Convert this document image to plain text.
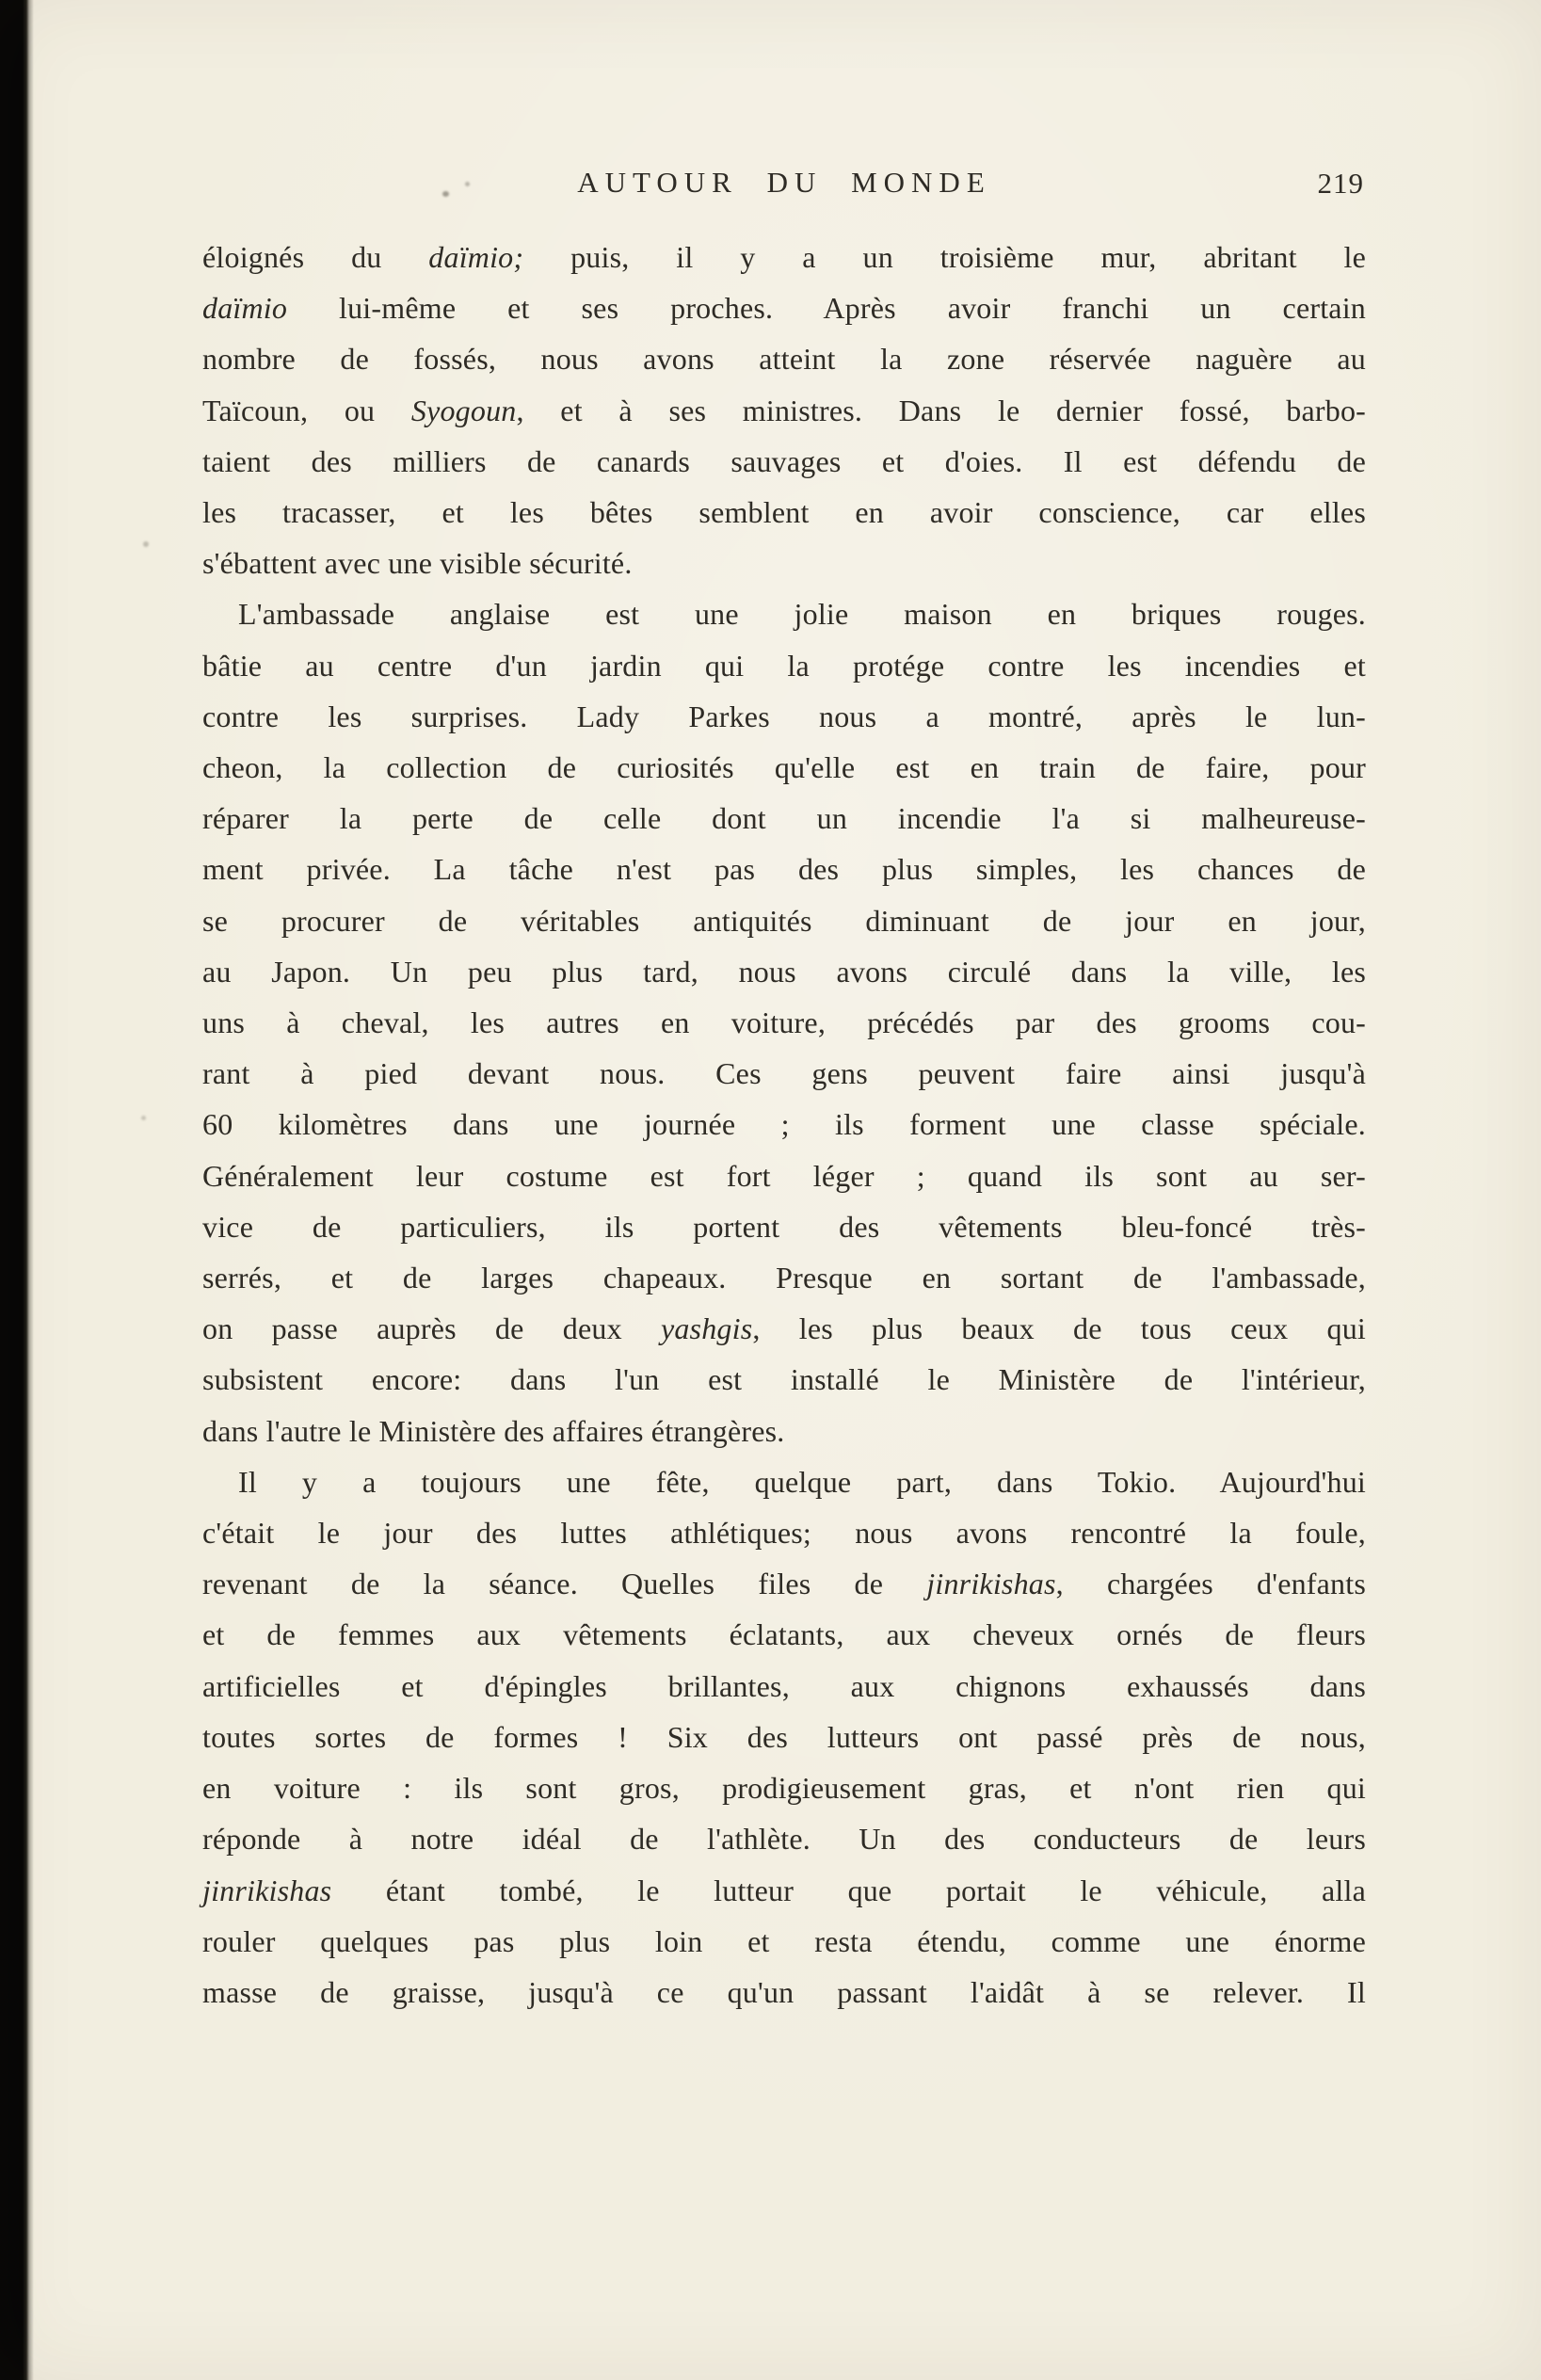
AUTOUR DU MONDE	219
éloignés du daïmio; puis, il y a un troisième mur, abritant le
daïmio lui-même et ses proches. Après avoir franchi un certain
nombre de fossés, nous avons atteint la zone réservée naguère au
Taïcoun, ou Syogoun, et à ses ministres. Dans le dernier fossé, barbo-
taient des milliers de canards sauvages et d'oies. Il est défendu de
les tracasser, et les bêtes semblent en avoir conscience, car elles
s'ébattent avec une visible sécurité.
L'ambassade anglaise est une jolie maison en briques rouges.
bâtie au centre d'un jardin qui la protége contre les incendies et
contre les surprises. Lady Parkes nous a montré, après le lun-
cheon, la collection de curiosités qu'elle est en train de faire, pour
réparer la perte de celle dont un incendie l'a si malheureuse-
ment privée. La tâche n'est pas des plus simples, les chances de
se procurer de véritables antiquités diminuant de jour en jour,
au Japon. Un peu plus tard, nous avons circulé dans la ville, les
uns à cheval, les autres en voiture, précédés par des grooms cou-
rant à pied devant nous. Ces gens peuvent faire ainsi jusqu'à
60 kilomètres dans une journée ; ils forment une classe spéciale.
Généralement leur costume est fort léger ; quand ils sont au ser-
vice de particuliers, ils portent des vêtements bleu-foncé très-
serrés, et de larges chapeaux. Presque en sortant de l'ambassade,
on passe auprès de deux yashgis, les plus beaux de tous ceux qui
subsistent encore: dans l'un est installé le Ministère de l'intérieur,
dans l'autre le Ministère des affaires étrangères.
Il y a toujours une fête, quelque part, dans Tokio. Aujourd'hui
c'était le jour des luttes athlétiques; nous avons rencontré la foule,
revenant de la séance. Quelles files de jinrikishas, chargées d'enfants
et de femmes aux vêtements éclatants, aux cheveux ornés de fleurs
artificielles et d'épingles brillantes, aux chignons exhaussés dans
toutes sortes de formes ! Six des lutteurs ont passé près de nous,
en voiture : ils sont gros, prodigieusement gras, et n'ont rien qui
réponde à notre idéal de l'athlète. Un des conducteurs de leurs
jinrikishas étant tombé, le lutteur que portait le véhicule, alla
rouler quelques pas plus loin et resta étendu, comme une énorme
masse de graisse, jusqu'à ce qu'un passant l'aidât à se relever. Il
